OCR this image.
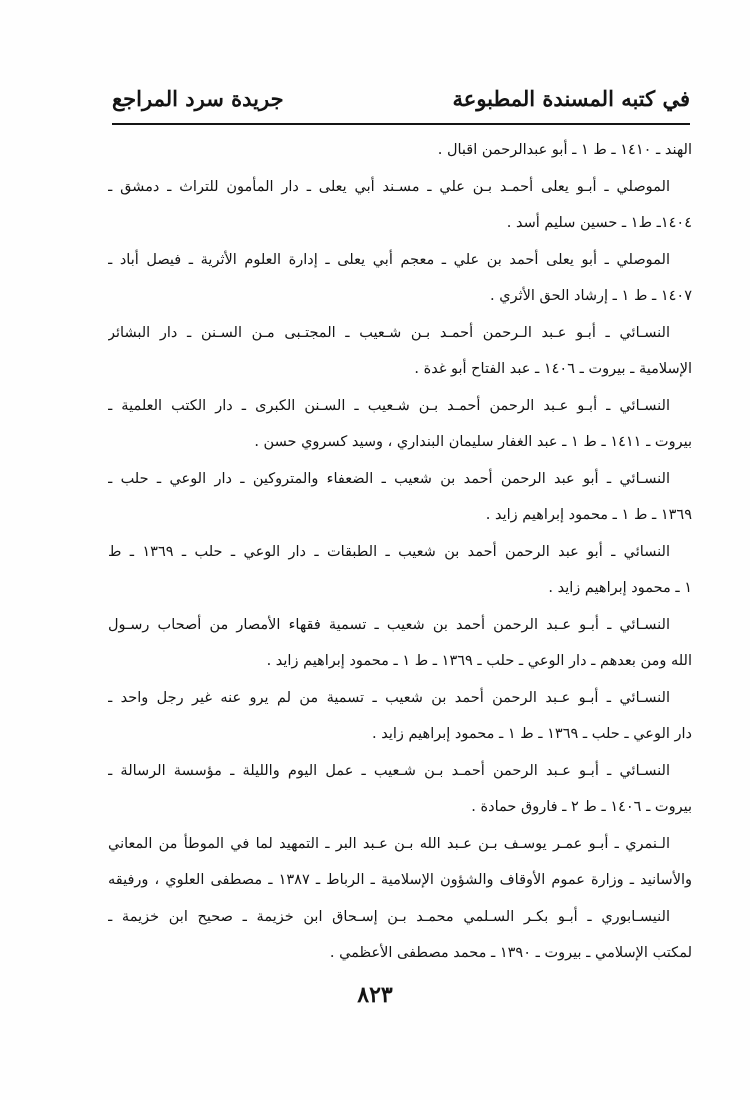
في كتبه المسندة المطبوعة
جريدة سرد المراجع
الهند ـ ١٤١٠ ـ ط ١ ـ أبو عبدالرحمن اقبال .
الموصلي ـ أبـو يعلى أحمـد بـن علي ـ مسـند أبي يعلى ـ دار المأمون للتراث ـ دمشق ـ
١٤٠٤ـ ط١ ـ حسين سليم أسد .
الموصلي ـ أبو يعلى أحمد بن علي ـ معجم أبي يعلى ـ إدارة العلوم الأثرية ـ فيصل أباد ـ
١٤٠٧ ـ ط ١ ـ إرشاد الحق الأثري .
النسـائي ـ أبـو عـبد الـرحمن أحمـد بـن شـعيب ـ المجتـبى مـن السـنن ـ دار البشائر
الإسلامية ـ بيروت ـ ١٤٠٦ ـ عبد الفتاح أبو غدة .
النسـائي ـ أبـو عـبد الرحمن أحمـد بـن شـعيب ـ السـنن الكبرى ـ دار الكتب العلمية ـ
بيروت ـ ١٤١١ ـ ط ١ ـ عبد الغفار سليمان البنداري ، وسيد كسروي حسن .
النسـائي ـ أبو عبد الرحمن أحمد بن شعيب ـ الضعفاء والمتروكين ـ دار الوعي ـ حلب ـ
١٣٦٩ ـ ط ١ ـ محمود إبراهيم زايد .
النسائي ـ أبو عبد الرحمن أحمد بن شعيب ـ الطبقات ـ دار الوعي ـ حلب ـ ١٣٦٩ ـ ط
١ ـ محمود إبراهيم زايد .
النسـائي ـ أبـو عـبد الرحمن أحمد بن شعيب ـ تسمية فقهاء الأمصار من أصحاب رسـول
الله ومن بعدهم ـ دار الوعي ـ حلب ـ ١٣٦٩ ـ ط ١ ـ محمود إبراهيم زايد .
النسـائي ـ أبـو عـبد الرحمن أحمد بن شعيب ـ تسمية من لم يرو عنه غير رجل واحد ـ
دار الوعي ـ حلب ـ ١٣٦٩ ـ ط ١ ـ محمود إبراهيم زايد .
النسـائي ـ أبـو عـبد الرحمن أحمـد بـن شـعيب ـ عمل اليوم والليلة ـ مؤسسة الرسالة ـ
بيروت ـ ١٤٠٦ ـ ط ٢ ـ فاروق حمادة .
الـنمري ـ أبـو عمـر يوسـف بـن عـبد الله بـن عـبد البر ـ التمهيد لما في الموطأ من المعاني
والأسانيد ـ وزارة عموم الأوقاف والشؤون الإسلامية ـ الرباط ـ ١٣٨٧ ـ مصطفى العلوي ، ورفيقه
النيسـابوري ـ أبـو بكـر السـلمي محمـد بـن إسـحاق ابن خزيمة ـ صحيح ابن خزيمة ـ
لمكتب الإسلامي ـ بيروت ـ ١٣٩٠ ـ محمد مصطفى الأعظمي .
٨٢٣
